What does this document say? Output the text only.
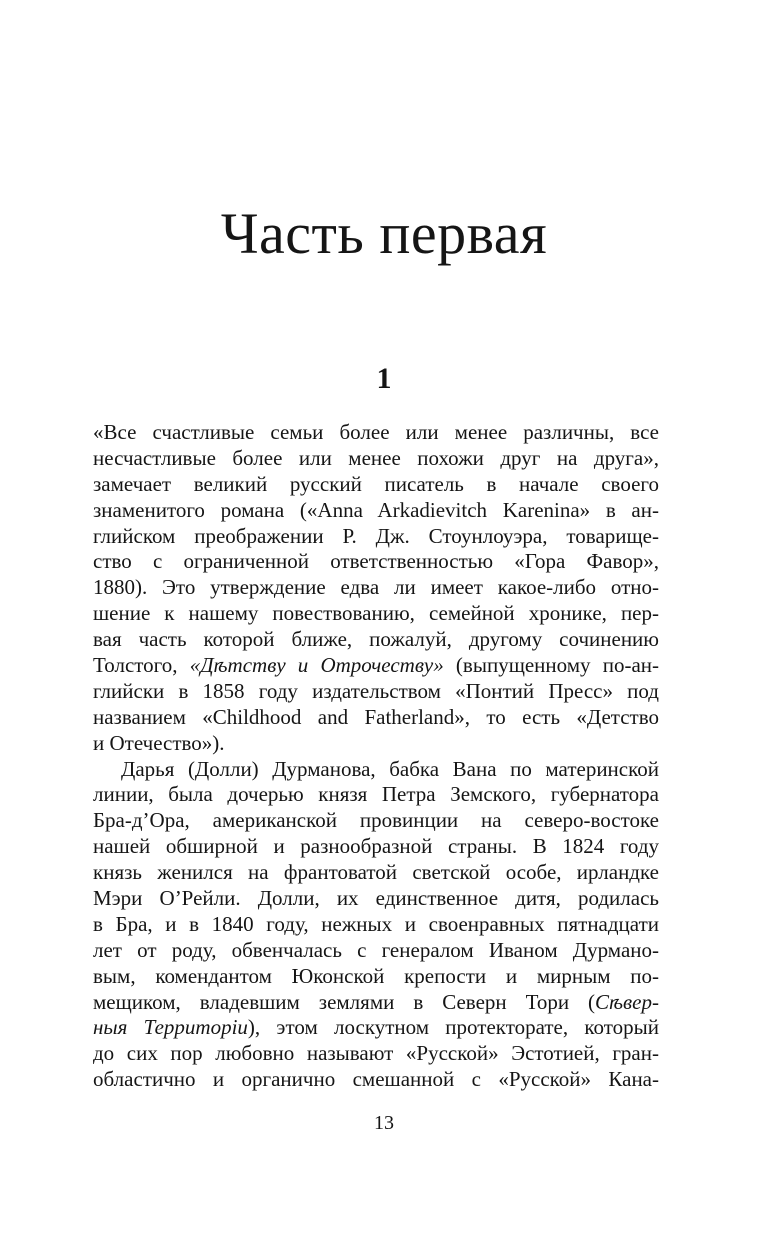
Часть первая
1
«Все счастливые семьи более или менее различны, все
несчастливые более или менее похожи друг на друга»,
замечает великий русский писатель в начале своего
знаменитого романа («Anna Arkadievitch Karenina» в ан-
глийском преображении Р. Дж. Стоунлоуэра, товарище-
ство с ограниченной ответственностью «Гора Фавор»,
1880). Это утверждение едва ли имеет какое-либо отно-
шение к нашему повествованию, семейной хронике, пер-
вая часть которой ближе, пожалуй, другому сочинению
Толстого, «Дѣтству и Отрочеству» (выпущенному по-ан-
глийски в 1858 году издательством «Понтий Пресс» под
названием «Childhood and Fatherland», то есть «Детство
и Отечество»).
Дарья (Долли) Дурманова, бабка Вана по материнской
линии, была дочерью князя Петра Земского, губернатора
Бра-д’Ора, американской провинции на северо-востоке
нашей обширной и разнообразной страны. В 1824 году
князь женился на франтоватой светской особе, ирландке
Мэри О’Рейли. Долли, их единственное дитя, родилась
в Бра, и в 1840 году, нежных и своенравных пятнадцати
лет от роду, обвенчалась с генералом Иваном Дурмано-
вым, комендантом Юконской крепости и мирным по-
мещиком, владевшим землями в Северн Тори (Сѣвер-
ныя Территорiи), этом лоскутном протекторате, который
до сих пор любовно называют «Русской» Эстотией, гран-
областично и органично смешанной с «Русской» Кана-
13
